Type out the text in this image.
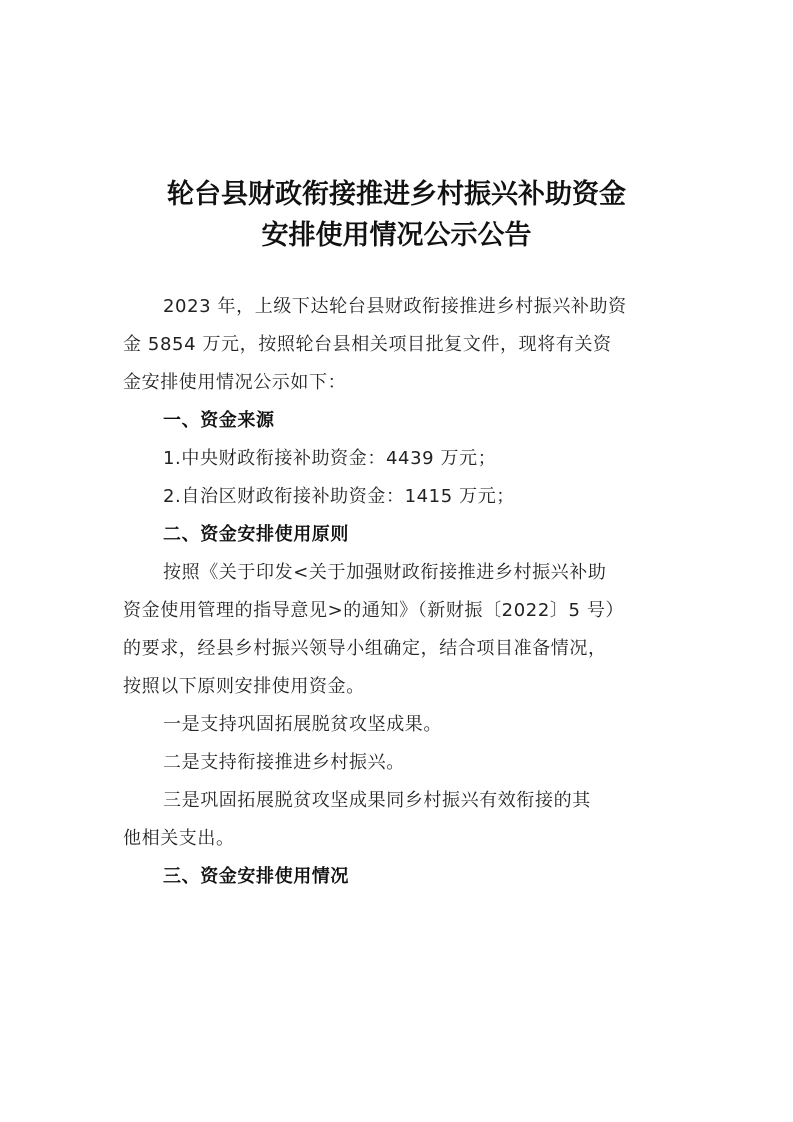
轮台县财政衔接推进乡村振兴补助资金
安排使用情况公示公告
2023 年，上级下达轮台县财政衔接推进乡村振兴补助资
金 5854 万元，按照轮台县相关项目批复文件，现将有关资
金安排使用情况公示如下：
一、资金来源
1.中央财政衔接补助资金：4439 万元；
2.自治区财政衔接补助资金：1415 万元；
二、资金安排使用原则
按照《关于印发<关于加强财政衔接推进乡村振兴补助
资金使用管理的指导意见>的通知》（新财振〔2022〕5 号）
的要求，经县乡村振兴领导小组确定，结合项目准备情况，
按照以下原则安排使用资金。
一是支持巩固拓展脱贫攻坚成果。
二是支持衔接推进乡村振兴。
三是巩固拓展脱贫攻坚成果同乡村振兴有效衔接的其
他相关支出。
三、资金安排使用情况
